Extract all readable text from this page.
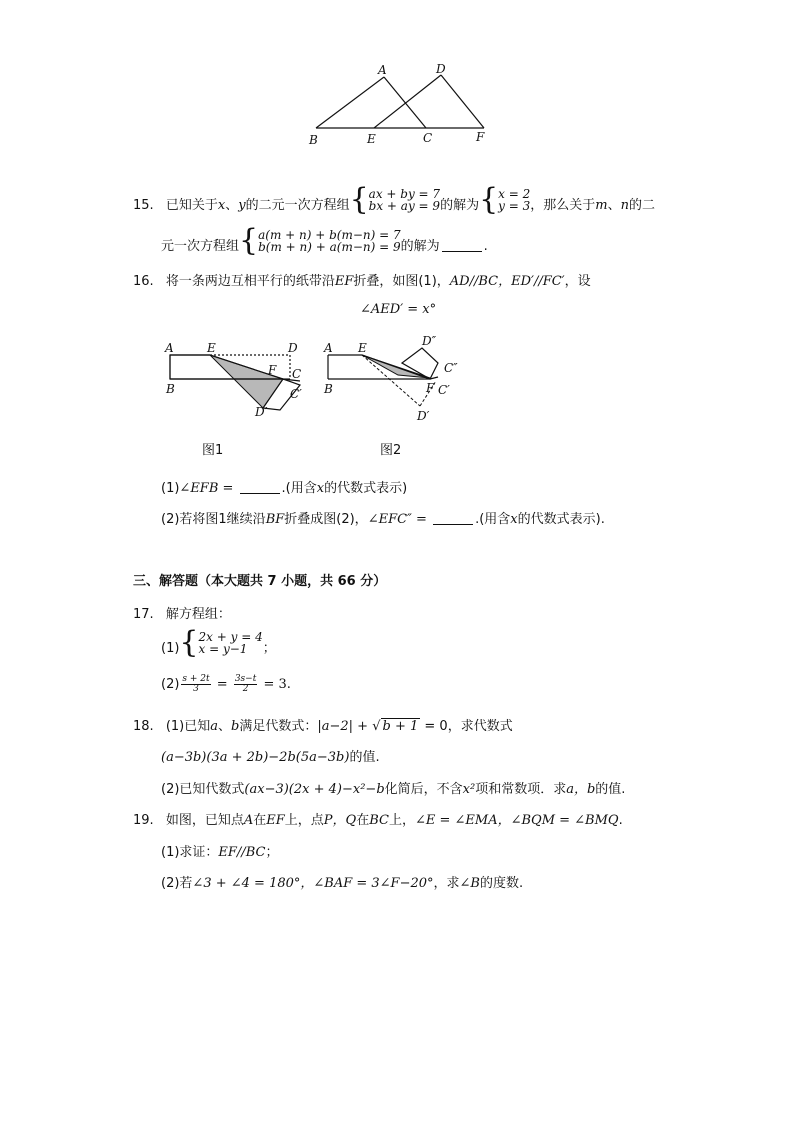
A	D
B	E	C	F
15. 已知关于x、y的二元一次方程组 { ax + by = 7
bx + ay = 9 的解为 { x = 2
y = 3 ，那么关于m、n的二
元一次方程组 { a(m + n) + b(m−n) = 7
b(m + n) + a(m−n) = 9 的解为	.
16. 将一条两边互相平行的纸带沿EF折叠，如图(1)，AD//BC，ED′//FC′，设
∠AED′ = x°
A	E	D
B
F C
C′
D′
图1
A E	D″
C″
B	F C′
D′
图2
(1)∠EFB =	.(用含x的代数式表示)
(2)若将图1继续沿BF折叠成图(2)，∠EFC″ =	.(用含x的代数式表示).
三、解答题（本大题共 7 小题，共 66 分）
17. 解方程组：
(1) { 2x + y = 4
x = y−1	；
$(2) \frac{s + 2t}{3} = \frac{3s-t}{2} = 3$.
18. (1)已知a、b满足代数式：|a−2| + √ b + 1 = 0，求代数式
(a−3b)(3a + 2b)−2b(5a−3b)的值.
(2)已知代数式(ax−3)(2x + 4)−x²−b化简后，不含x²项和常数项．求a，b的值.
19. 如图，已知点A在EF上，点P，Q在BC上，∠E = ∠EMA，∠BQM = ∠BMQ.
(1)求证：EF//BC；
(2)若∠3 + ∠4 = 180°，∠BAF = 3∠F−20°，求∠B的度数.
